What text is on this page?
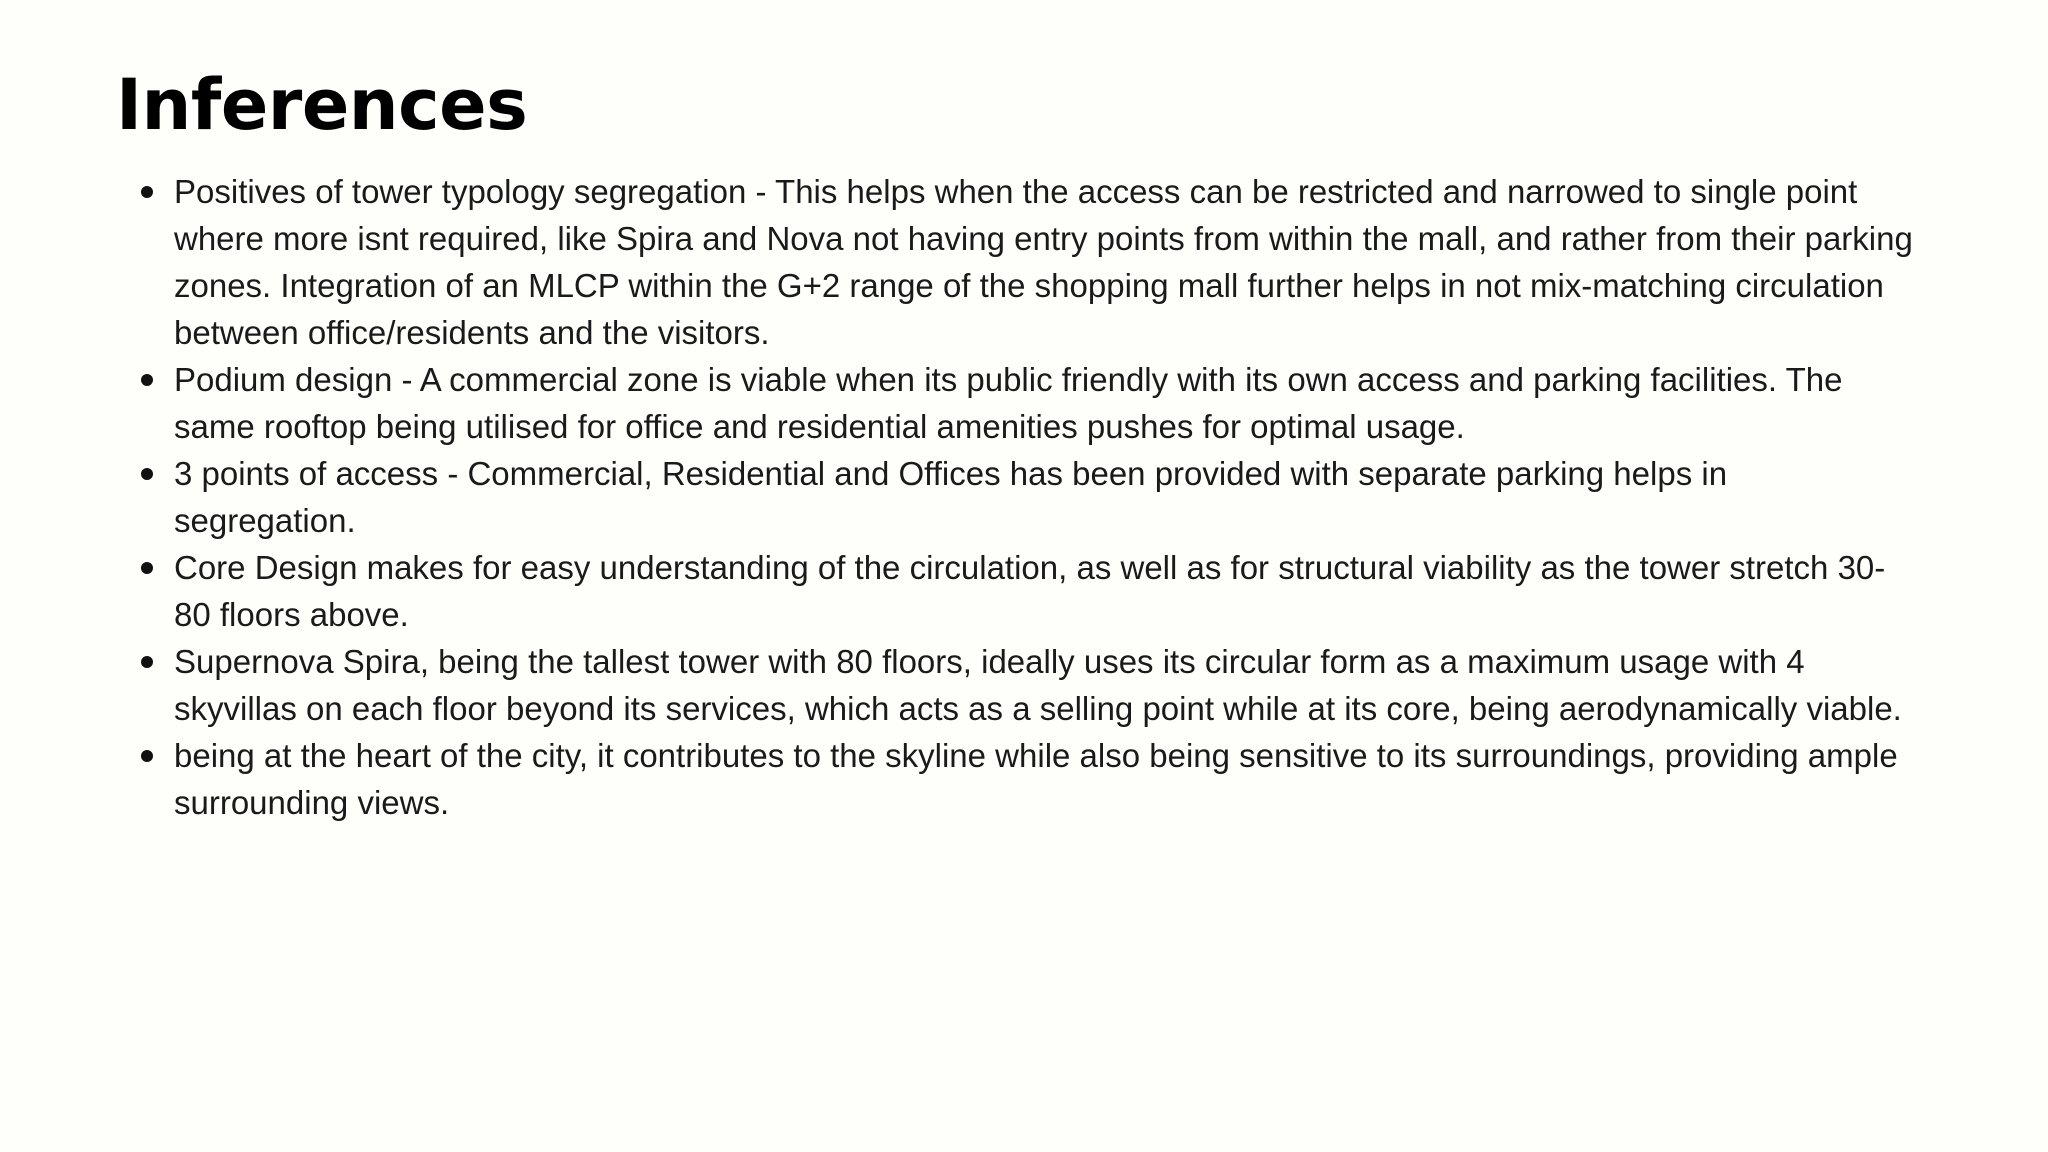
Inferences
Positives of tower typology segregation - This helps when the access can be restricted and narrowed to single point where more isnt required, like Spira and Nova not having entry points from within the mall, and rather from their parking zones. Integration of an MLCP within the G+2 range of the shopping mall further helps in not mix-matching circulation between office/residents and the visitors.
Podium design - A commercial zone is viable when its public friendly with its own access and parking facilities. The same rooftop being utilised for office and residential amenities pushes for optimal usage.
3 points of access - Commercial, Residential and Offices has been provided with separate parking helps in segregation.
Core Design makes for easy understanding of the circulation, as well as for structural viability as the tower stretch 30-80 floors above.
Supernova Spira, being the tallest tower with 80 floors, ideally uses its circular form as a maximum usage with 4 skyvillas on each floor beyond its services, which acts as a selling point while at its core, being aerodynamically viable.
being at the heart of the city, it contributes to the skyline while also being sensitive to its surroundings, providing ample surrounding views.
